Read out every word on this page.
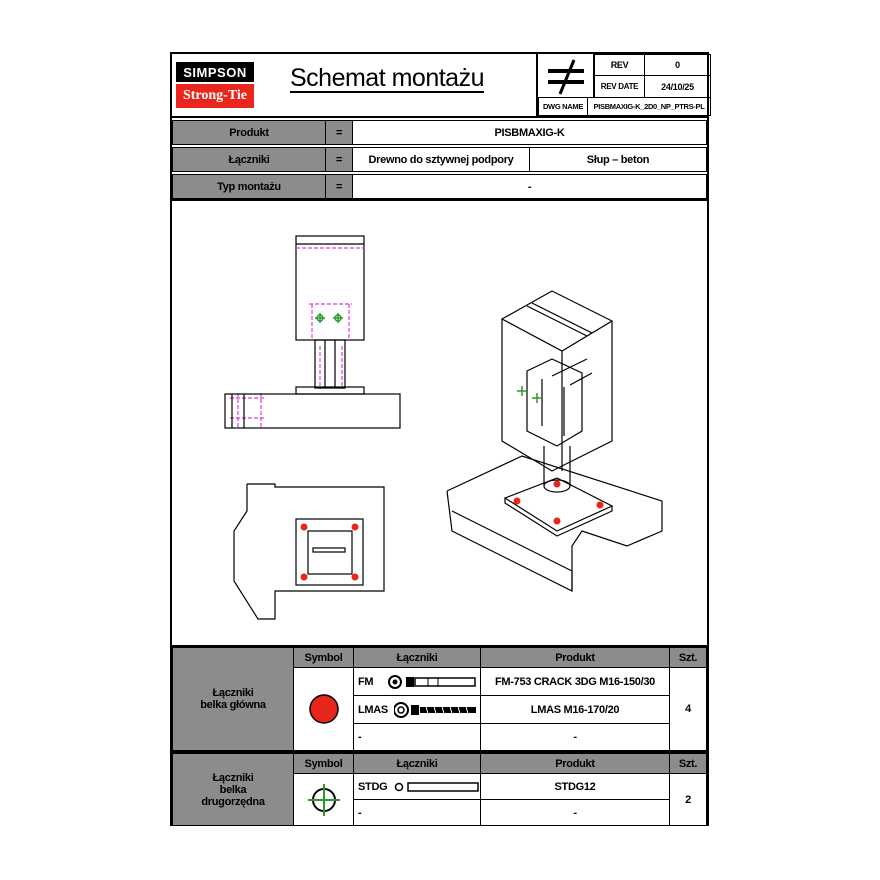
SIMPSON
Strong-Tie
Schemat montażu	REV	0
REV DATE	24/10/25
DWG NAME	PISBMAXIG-K_2D0_NP_PTRS-PL
Produkt	=	PISBMAXIG-K
Łączniki	=	Drewno do sztywnej podpory	Słup – beton
Typ montażu	=	-
Łączniki
belka główna
Symbol	Łączniki	Produkt	Szt.
FM	FM-753 CRACK 3DG M16-150/30
LMAS	LMAS M16-170/20
-	-
4
Łączniki
belka
drugorzędna
Symbol	Łączniki	Produkt	Szt.
STDG	STDG12
-	-
2
